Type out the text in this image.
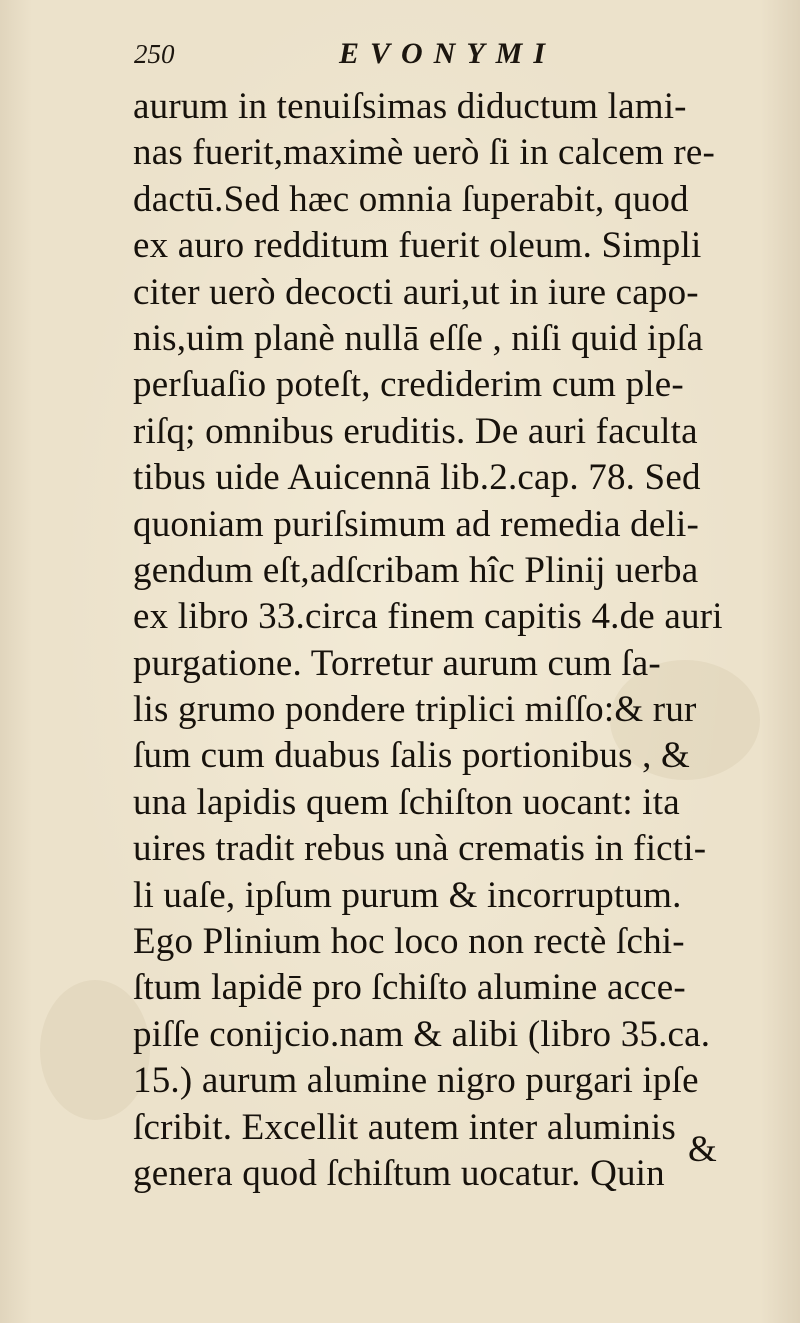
250	EVONYMI
aurum in tenuiſsimas diductum lami-
nas fuerit,maximè uerò ſi in calcem re-
dactū.Sed hæc omnia ſuperabit, quod
ex auro redditum fuerit oleum. Simpli
citer uerò decocti auri,ut in iure capo-
nis,uim planè nullā eſſe , niſi quid ipſa
perſuaſio poteſt, crediderim cum ple-
riſq; omnibus eruditis. De auri faculta
tibus uide Auicennā lib.2.cap. 78. Sed
quoniam puriſsimum ad remedia deli-
gendum eſt,adſcribam hîc Plinij uerba
ex libro 33.circa finem capitis 4.de auri
purgatione. Torretur aurum cum ſa-
lis grumo pondere triplici miſſo:& rur
ſum cum duabus ſalis portionibus , &
una lapidis quem ſchiſton uocant: ita
uires tradit rebus unà crematis in ficti-
li uaſe, ipſum purum & incorruptum.
Ego Plinium hoc loco non rectè ſchi-
ſtum lapidē pro ſchiſto alumine acce-
piſſe conijcio.nam & alibi (libro 35.ca.
15.) aurum alumine nigro purgari ipſe
ſcribit. Excellit autem inter aluminis
genera quod ſchiſtum uocatur. Quin
&
